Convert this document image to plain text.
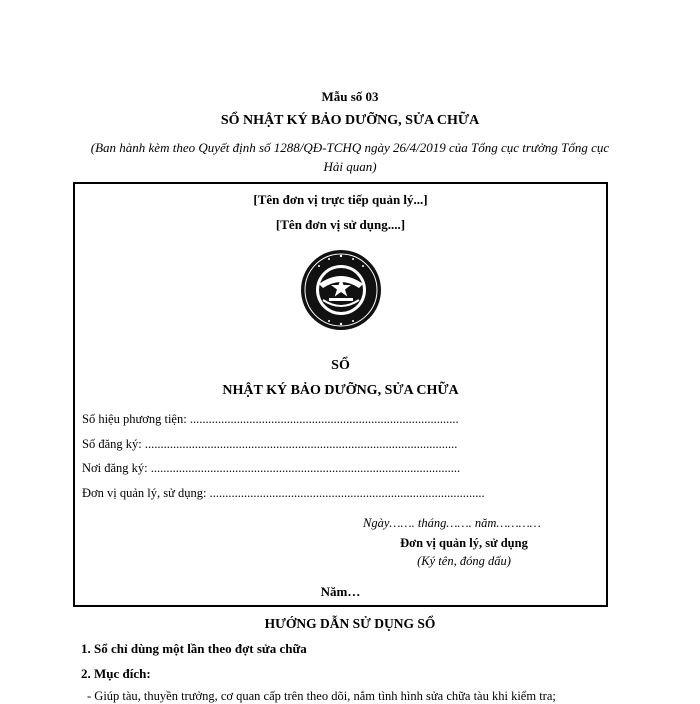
Mẫu số 03
SỔ NHẬT KÝ BẢO DƯỠNG, SỬA CHỮA
(Ban hành kèm theo Quyết định số 1288/QĐ-TCHQ ngày 26/4/2019 của Tổng cục trưởng Tổng cục Hải quan)
[Tên đơn vị trực tiếp quản lý...]
[Tên đơn vị sử dụng....]
SỔ
NHẬT KÝ BẢO DƯỠNG, SỬA CHỮA
Số hiệu phương tiện: ......................................................................................
Số đăng ký: ....................................................................................................
Nơi đăng ký: ...................................................................................................
Đơn vị quản lý, sử dụng: ........................................................................................
Ngày……. tháng……. năm…………
Đơn vị quản lý, sử dụng
(Ký tên, đóng dấu)
Năm…
HƯỚNG DẪN SỬ DỤNG SỔ
1. Sổ chỉ dùng một lần theo đợt sửa chữa
2. Mục đích:
- Giúp tàu, thuyền trưởng, cơ quan cấp trên theo dõi, nắm tình hình sửa chữa tàu khi kiểm tra;
